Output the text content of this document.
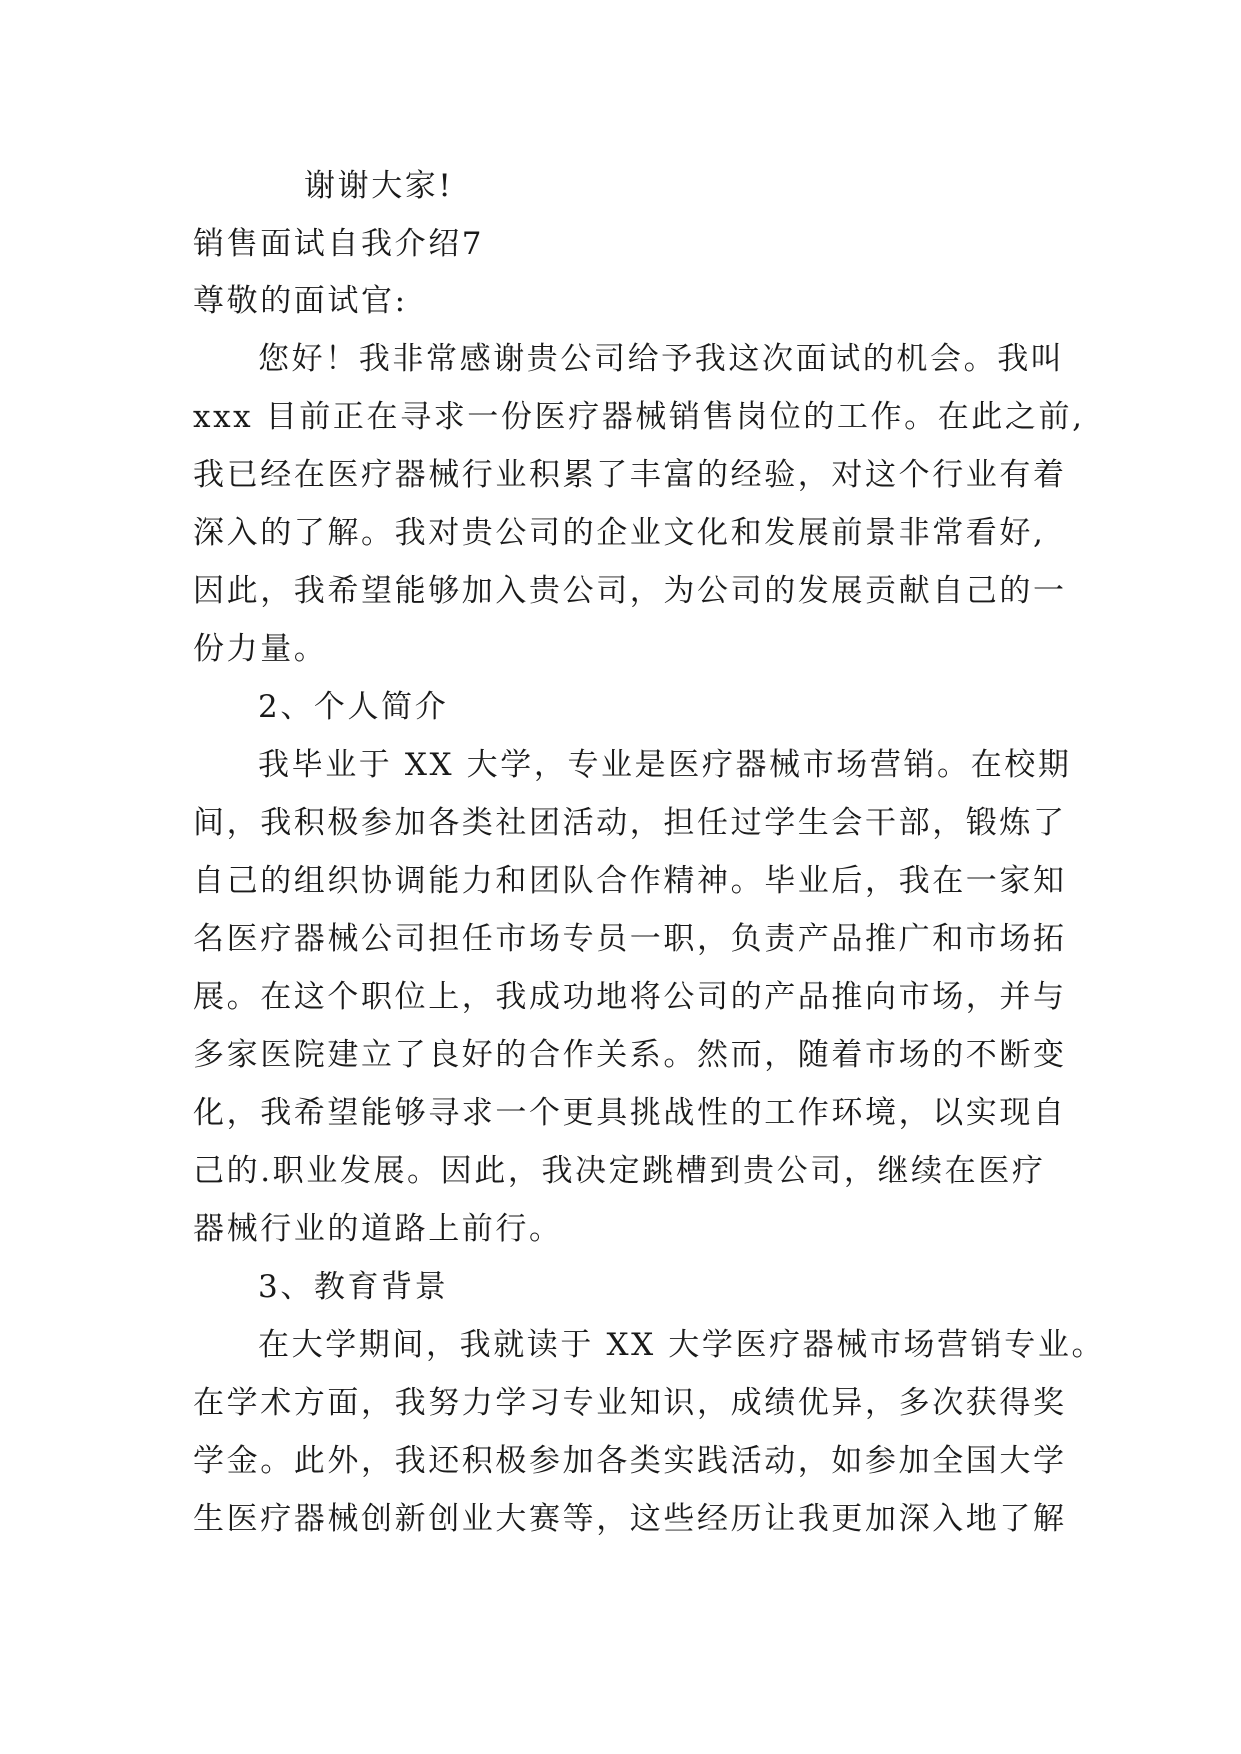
谢谢大家!
销售面试自我介绍7
尊敬的面试官:
您好！我非常感谢贵公司给予我这次面试的机会。我叫
xxx 目前正在寻求一份医疗器械销售岗位的工作。在此之前,
我已经在医疗器械行业积累了丰富的经验，对这个行业有着
深入的了解。我对贵公司的企业文化和发展前景非常看好,
因此，我希望能够加入贵公司，为公司的发展贡献自己的一
份力量。
2、个人简介
我毕业于 XX 大学，专业是医疗器械市场营销。在校期
间，我积极参加各类社团活动，担任过学生会干部，锻炼了
自己的组织协调能力和团队合作精神。毕业后，我在一家知
名医疗器械公司担任市场专员一职，负责产品推广和市场拓
展。在这个职位上，我成功地将公司的产品推向市场，并与
多家医院建立了良好的合作关系。然而，随着市场的不断变
化，我希望能够寻求一个更具挑战性的工作环境，以实现自
己的.职业发展。因此，我决定跳槽到贵公司，继续在医疗
器械行业的道路上前行。
3、教育背景
在大学期间，我就读于 XX 大学医疗器械市场营销专业。
在学术方面，我努力学习专业知识，成绩优异，多次获得奖
学金。此外，我还积极参加各类实践活动，如参加全国大学
生医疗器械创新创业大赛等，这些经历让我更加深入地了解
